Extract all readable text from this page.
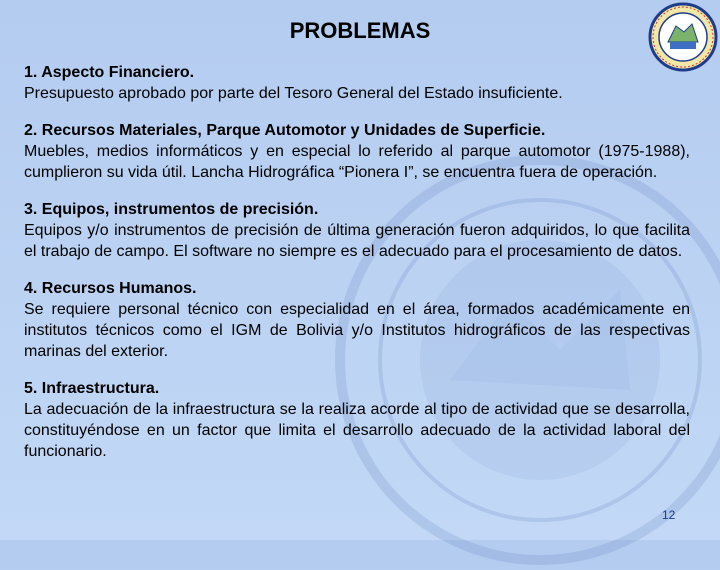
PROBLEMAS
1. Aspecto Financiero.
Presupuesto aprobado por parte del Tesoro General del Estado insuficiente.
2. Recursos Materiales, Parque Automotor y Unidades de Superficie.
Muebles, medios informáticos y en especial lo referido al parque automotor (1975-1988), cumplieron su vida útil. Lancha Hidrográfica “Pionera I”, se encuentra fuera de operación.
3. Equipos, instrumentos de precisión.
Equipos y/o instrumentos de precisión de última generación fueron adquiridos, lo que facilita el trabajo de campo. El software no siempre es el adecuado para el procesamiento de datos.
4. Recursos Humanos.
Se requiere personal técnico con especialidad en el área, formados académicamente en institutos técnicos como el IGM de Bolivia y/o Institutos hidrográficos de las respectivas marinas del exterior.
5. Infraestructura.
La adecuación de la infraestructura se la realiza acorde al tipo de actividad que se desarrolla, constituyéndose en un factor que limita el desarrollo adecuado de la actividad laboral del funcionario.
12
